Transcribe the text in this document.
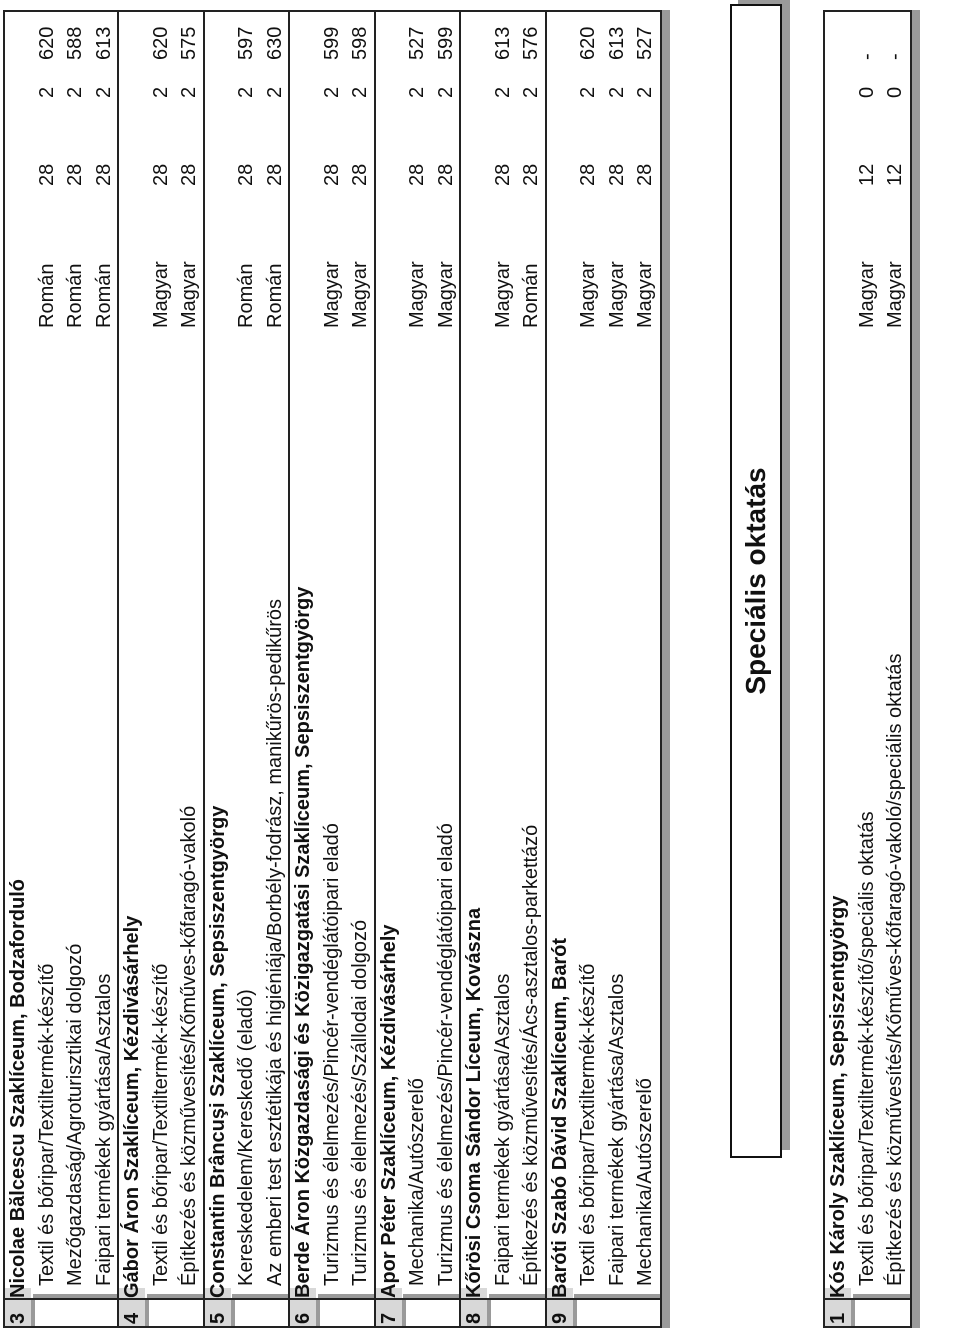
3
Nicolae Bălcescu Szaklíceum, Bodzaforduló Textil és bőripar/Textiltermék-készítő
Román
28
2
620
Mezőgazdaság/Agroturisztikai dolgozó
Román
28
2
588
Faipari termékek gyártása/Asztalos
Román
28
2
613
4
Gábor Áron Szaklíceum, Kézdivásárhely Textil és bőripar/Textiltermék-készítő
Magyar
28
2
620
Építkezés és közművesítés/Kőműves-kőfaragó-vakoló
Magyar
28
2
575
5
Constantin Brâncuşi Szaklíceum, Sepsiszentgyörgy Kereskedelem/Kereskedő (eladó)
Román
28
2
597
Az emberi test esztétikája és higiéniája/Borbély-fodrász, manikűrös-pedikűrös
Román
28
2
630
6
Berde Áron Közgazdasági és Közigazgatási Szaklíceum, Sepsiszentgyörgy Turizmus és élelmezés/Pincér-vendéglátóipari eladó
Magyar
28
2
599
Turizmus és élelmezés/Szállodai dolgozó
Magyar
28
2
598
7
Apor Péter Szaklíceum, Kézdivásárhely Mechanika/Autószerelő
Magyar
28
2
527
Turizmus és élelmezés/Pincér-vendéglátóipari eladó
Magyar
28
2
599
8
Kőrösi Csoma Sándor Líceum, Kovászna Faipari termékek gyártása/Asztalos
Magyar
28
2
613
Építkezés és közművesítés/Ács-asztalos-parkettázó
Román
28
2
576
9
Baróti Szabó Dávid Szaklíceum, Barót Textil és bőripar/Textiltermék-készítő
Magyar
28
2
620
Faipari termékek gyártása/Asztalos
Magyar
28
2
613
Mechanika/Autószerelő
Magyar
28
2
527
Speciális oktatás
1
Kós Károly Szaklíceum, Sepsiszentgyörgy Textil és bőripar/Textiltermék-készítő/speciális oktatás
Magyar
12
0
-
Építkezés és közművesítés/Kőműves-kőfaragó-vakoló/speciális oktatás
Magyar
12
0
-
